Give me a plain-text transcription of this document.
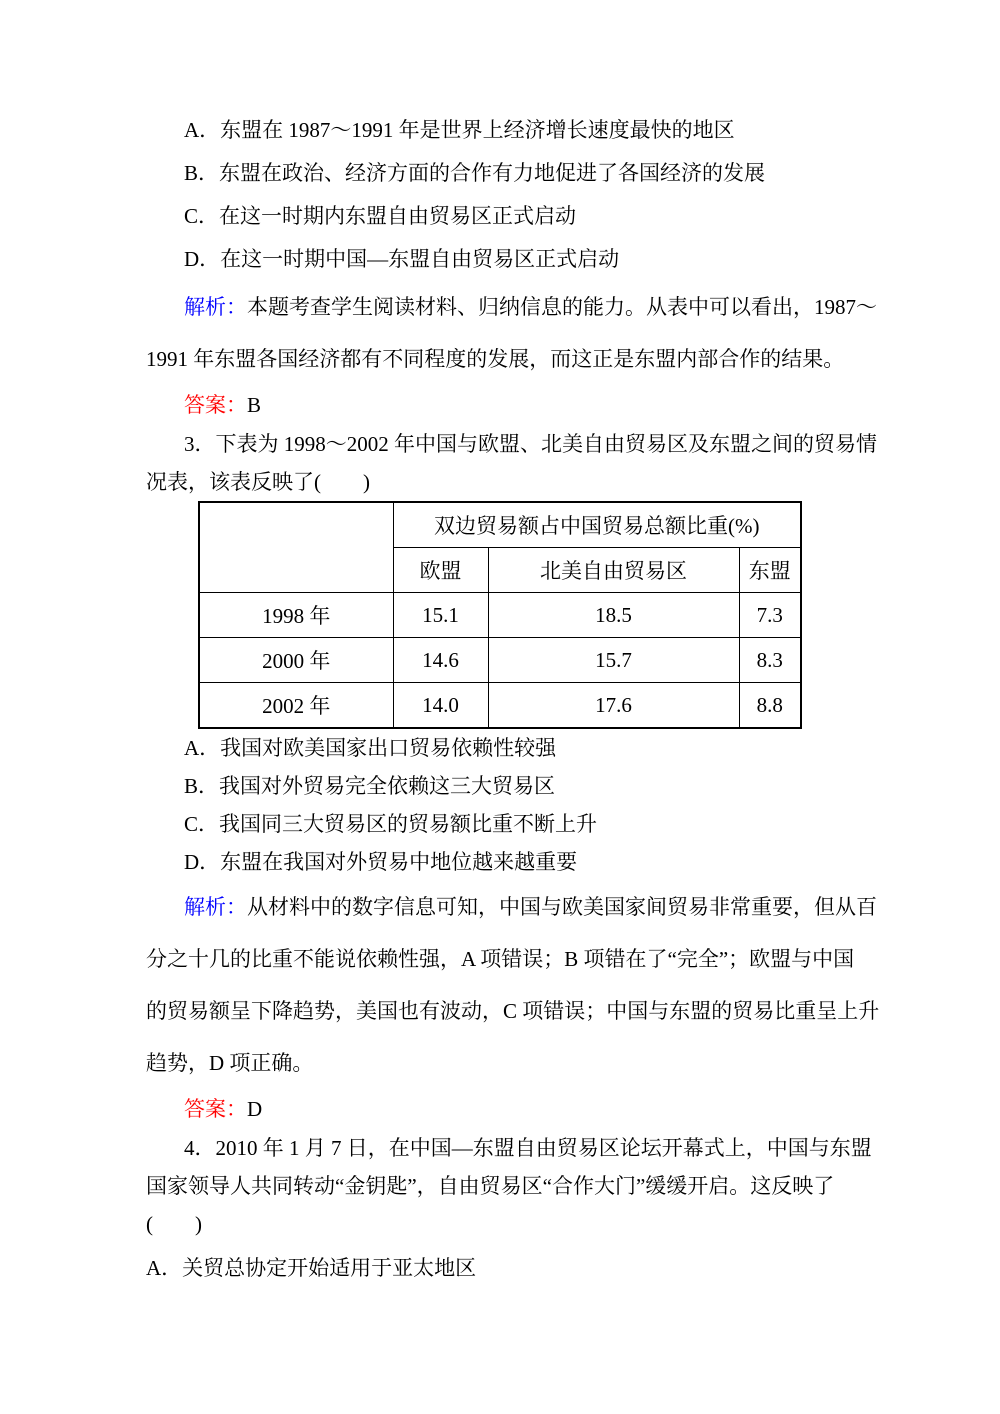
A．东盟在 1987～1991 年是世界上经济增长速度最快的地区
B．东盟在政治、经济方面的合作有力地促进了各国经济的发展
C．在这一时期内东盟自由贸易区正式启动
D．在这一时期中国—东盟自由贸易区正式启动
解析：本题考查学生阅读材料、归纳信息的能力。从表中可以看出，1987～
1991 年东盟各国经济都有不同程度的发展，而这正是东盟内部合作的结果。
答案：B
3．下表为 1998～2002 年中国与欧盟、北美自由贸易区及东盟之间的贸易情
况表，该表反映了(　　)
	双边贸易额占中国贸易总额比重(%)		
	欧盟	北美自由贸易区	东盟
1998 年	15.1	18.5	7.3
2000 年	14.6	15.7	8.3
2002 年	14.0	17.6	8.8
A．我国对欧美国家出口贸易依赖性较强
B．我国对外贸易完全依赖这三大贸易区
C．我国同三大贸易区的贸易额比重不断上升
D．东盟在我国对外贸易中地位越来越重要
解析：从材料中的数字信息可知，中国与欧美国家间贸易非常重要，但从百
分之十几的比重不能说依赖性强，A 项错误；B 项错在了“完全”；欧盟与中国
的贸易额呈下降趋势，美国也有波动，C 项错误；中国与东盟的贸易比重呈上升
趋势，D 项正确。
答案：D
4．2010 年 1 月 7 日，在中国—东盟自由贸易区论坛开幕式上，中国与东盟
国家领导人共同转动“金钥匙”，自由贸易区“合作大门”缓缓开启。这反映了
(　　)
A．关贸总协定开始适用于亚太地区
